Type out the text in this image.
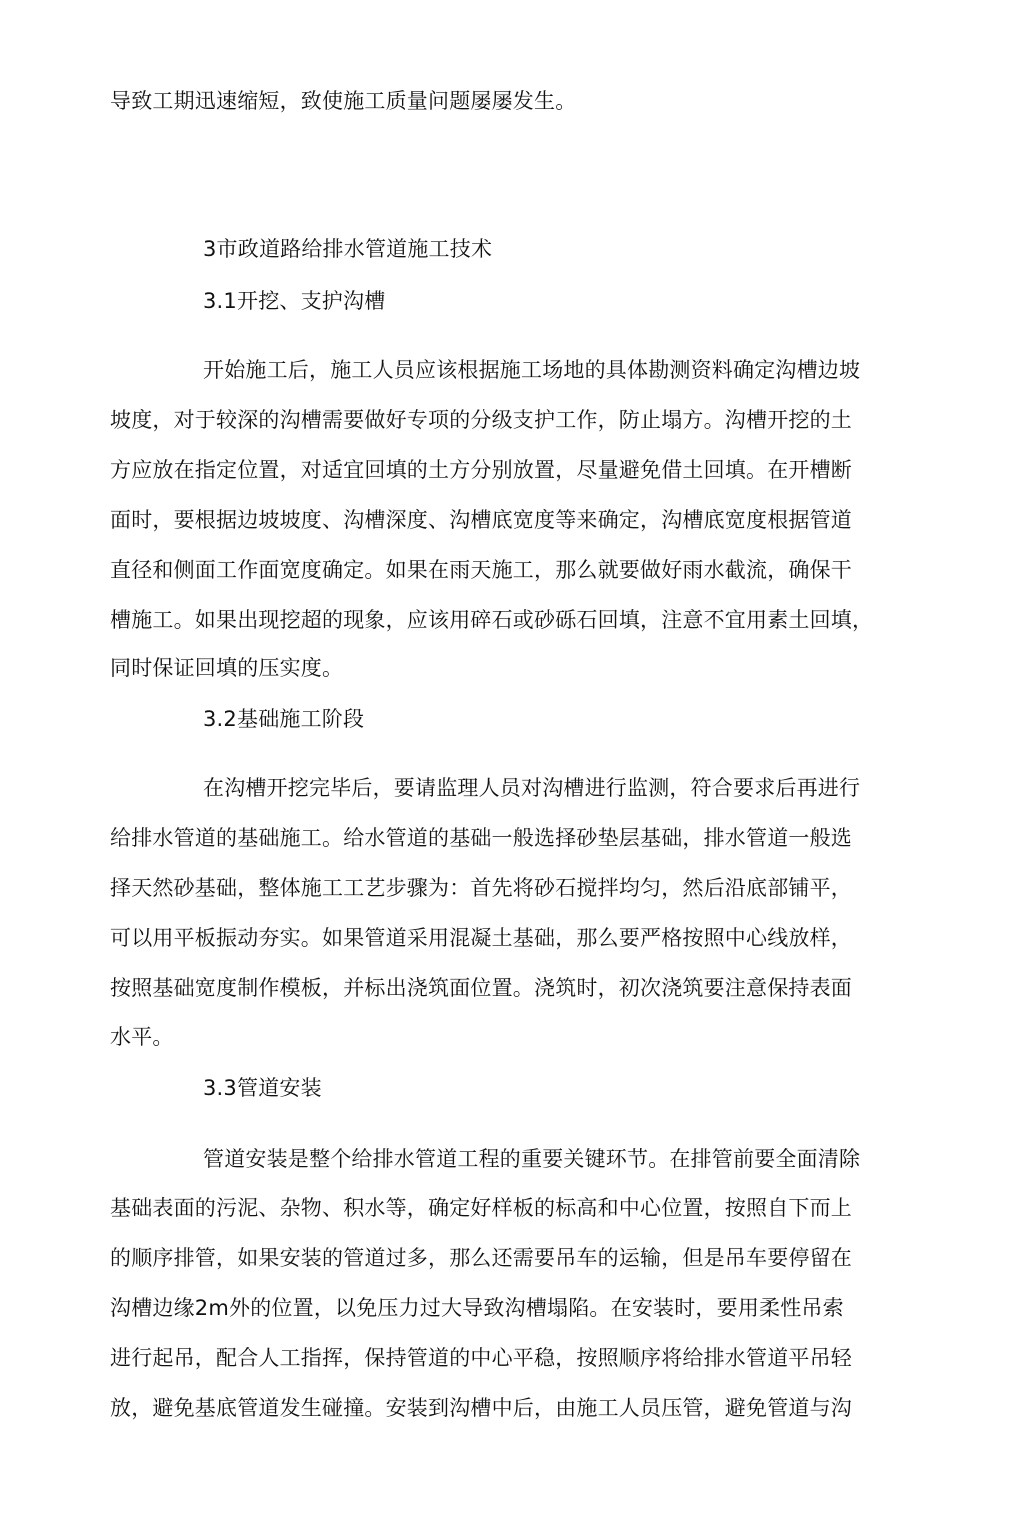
导致工期迅速缩短，致使施工质量问题屡屡发生。
3市政道路给排水管道施工技术
3.1开挖、支护沟槽
开始施工后，施工人员应该根据施工场地的具体勘测资料确定沟槽边坡
坡度，对于较深的沟槽需要做好专项的分级支护工作，防止塌方。沟槽开挖的土
方应放在指定位置，对适宜回填的土方分别放置，尽量避免借土回填。在开槽断
面时，要根据边坡坡度、沟槽深度、沟槽底宽度等来确定，沟槽底宽度根据管道
直径和侧面工作面宽度确定。如果在雨天施工，那么就要做好雨水截流，确保干
槽施工。如果出现挖超的现象，应该用碎石或砂砾石回填，注意不宜用素土回填，
同时保证回填的压实度。
3.2基础施工阶段
在沟槽开挖完毕后，要请监理人员对沟槽进行监测，符合要求后再进行
给排水管道的基础施工。给水管道的基础一般选择砂垫层基础，排水管道一般选
择天然砂基础，整体施工工艺步骤为：首先将砂石搅拌均匀，然后沿底部铺平，
可以用平板振动夯实。如果管道采用混凝土基础，那么要严格按照中心线放样，
按照基础宽度制作模板，并标出浇筑面位置。浇筑时，初次浇筑要注意保持表面
水平。
3.3管道安装
管道安装是整个给排水管道工程的重要关键环节。在排管前要全面清除
基础表面的污泥、杂物、积水等，确定好样板的标高和中心位置，按照自下而上
的顺序排管，如果安装的管道过多，那么还需要吊车的运输，但是吊车要停留在
沟槽边缘2m外的位置，以免压力过大导致沟槽塌陷。在安装时，要用柔性吊索
进行起吊，配合人工指挥，保持管道的中心平稳，按照顺序将给排水管道平吊轻
放，避免基底管道发生碰撞。安装到沟槽中后，由施工人员压管，避免管道与沟
